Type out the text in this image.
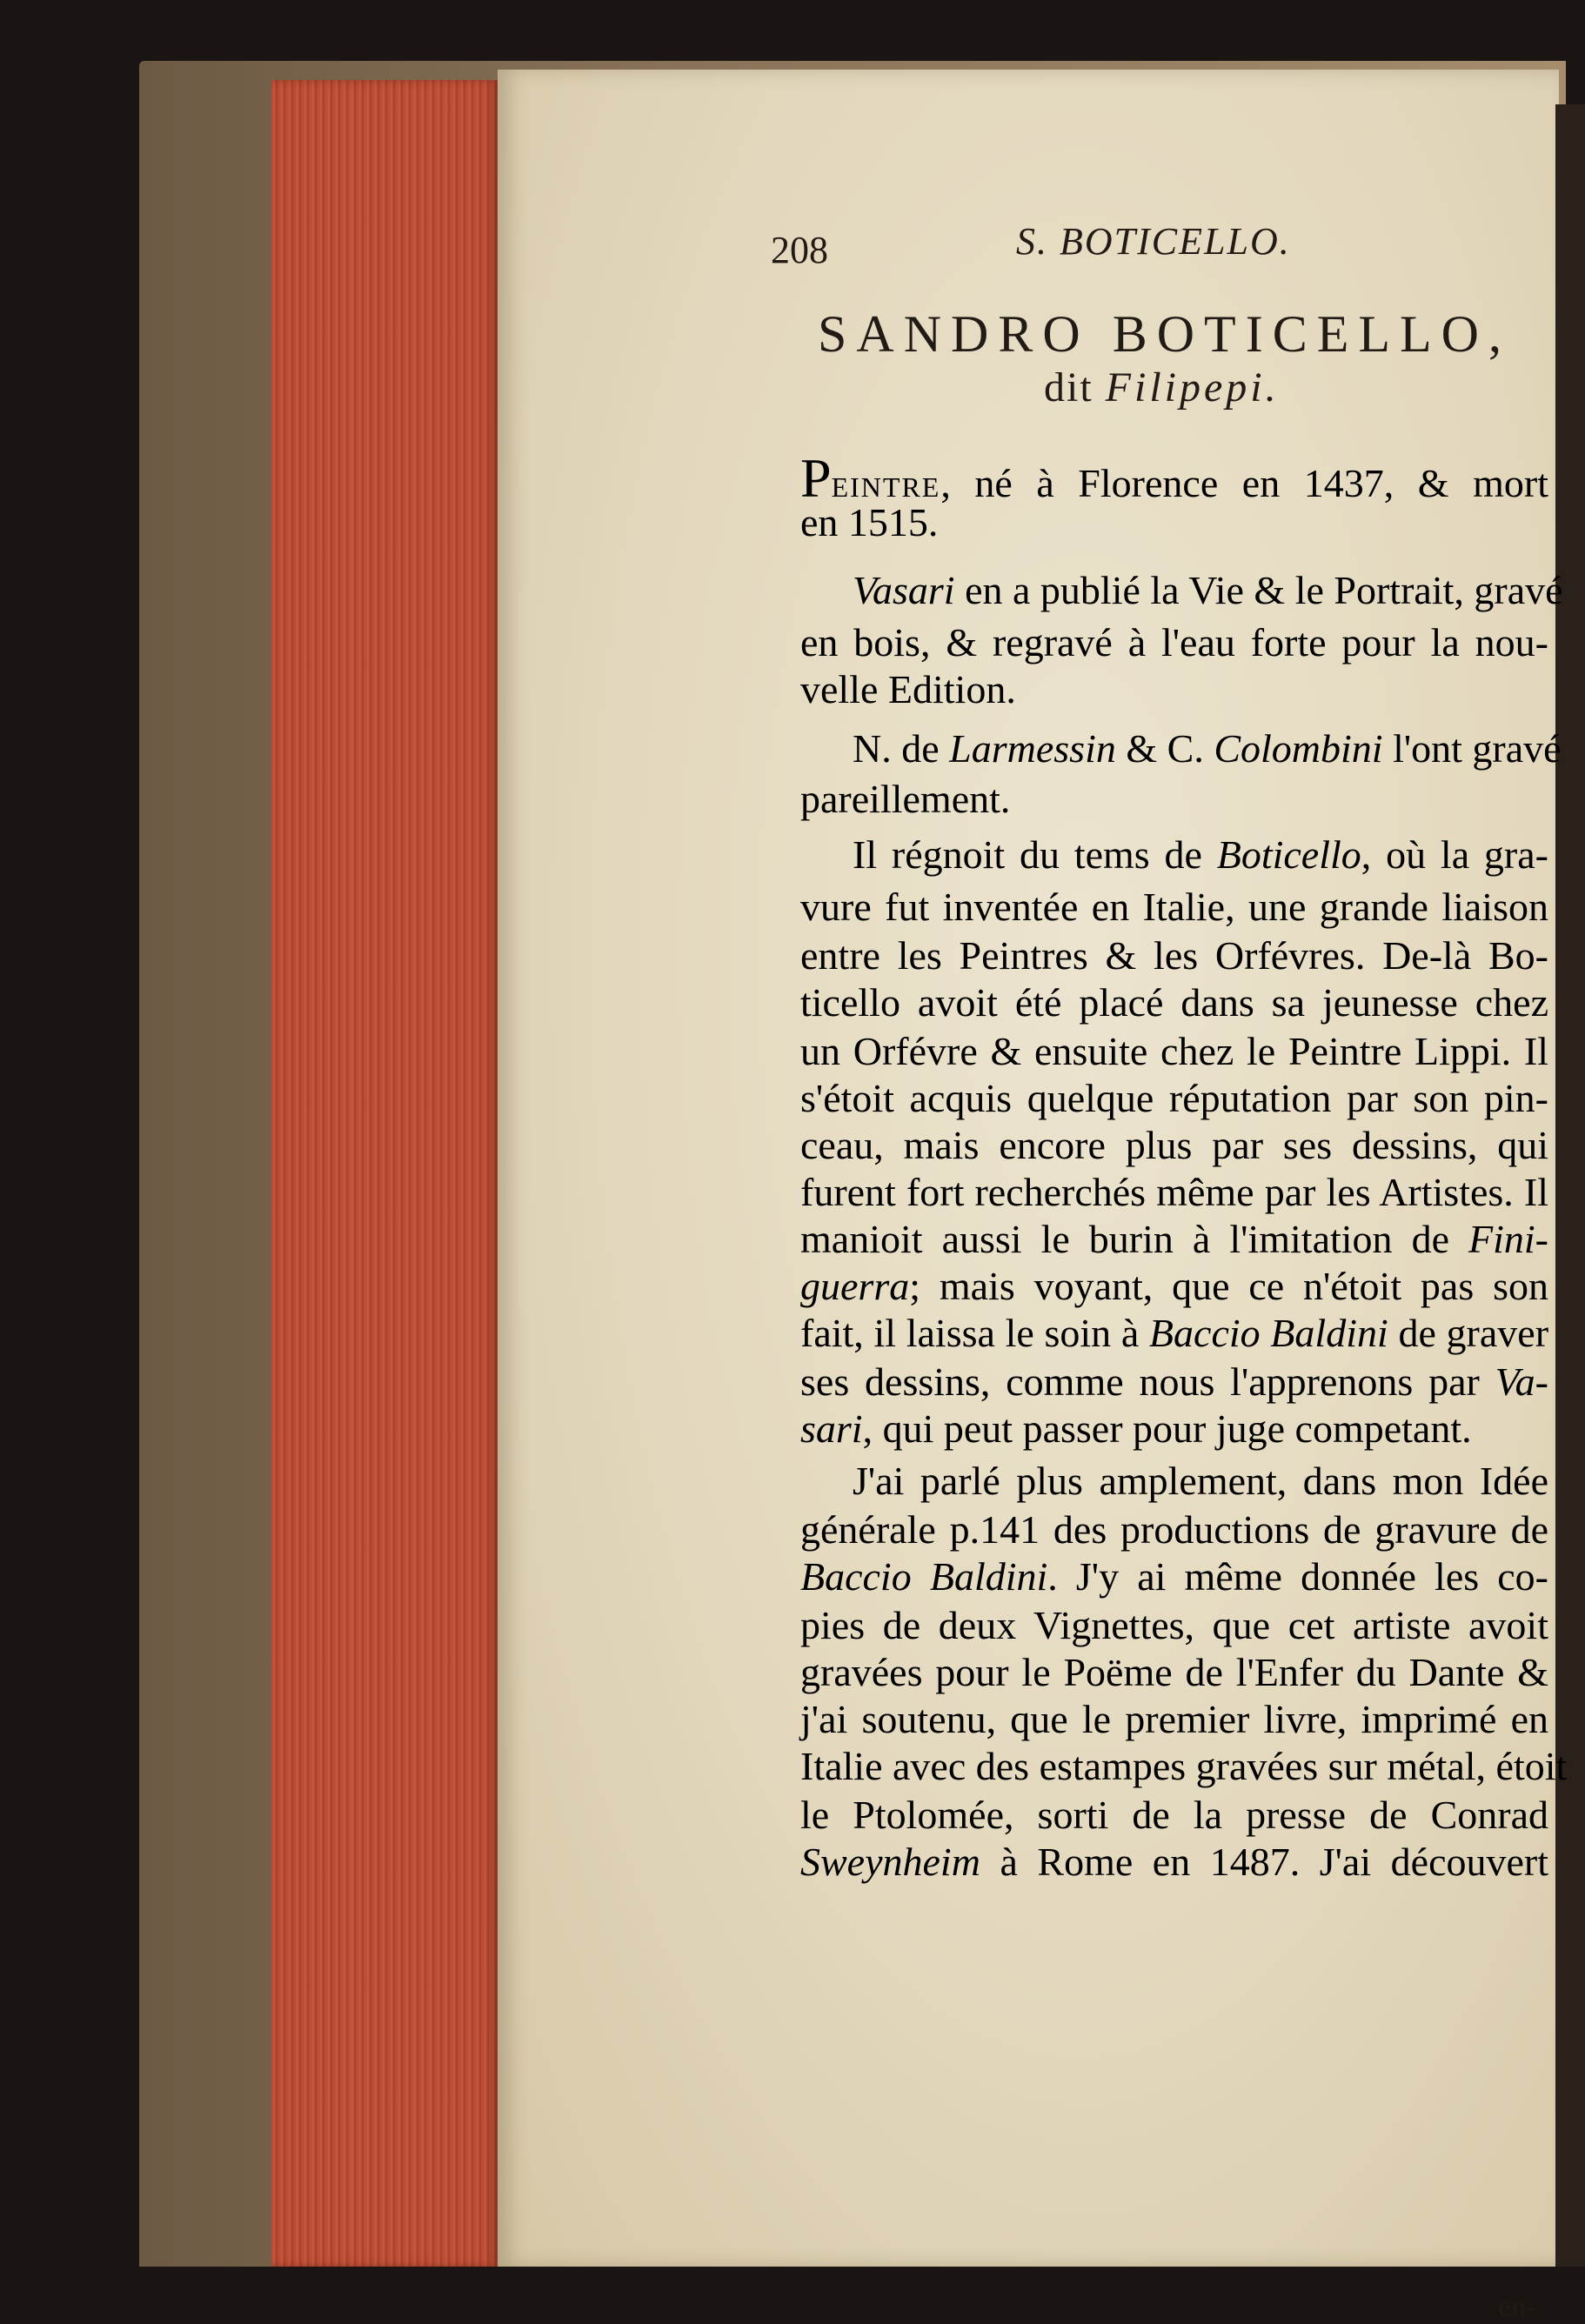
208	S. BOTICELLO.
SANDRO BOTICELLO,
dit Filipepi.
Peintre, né à Florence en 1437, & mort
en 1515.
Vasari en a publié la Vie & le Portrait, gravé
en bois, & regravé à l'eau forte pour la nou-
velle Edition.
N. de Larmessin & C. Colombini l'ont gravé
pareillement.
Il régnoit du tems de Boticello, où la gra-
vure fut inventée en Italie, une grande liaison
entre les Peintres & les Orfévres. De-là Bo-
ticello avoit été placé dans sa jeunesse chez
un Orfévre & ensuite chez le Peintre Lippi. Il
s'étoit acquis quelque réputation par son pin-
ceau, mais encore plus par ses dessins, qui
furent fort recherchés même par les Artistes. Il
manioit aussi le burin à l'imitation de Fini-
guerra; mais voyant, que ce n'étoit pas son
fait, il laissa le soin à Baccio Baldini de graver
ses dessins, comme nous l'apprenons par Va-
sari, qui peut passer pour juge competant.
J'ai parlé plus amplement, dans mon Idée
générale p.141 des productions de gravure de
Baccio Baldini. J'y ai même donnée les co-
pies de deux Vignettes, que cet artiste avoit
gravées pour le Poëme de l'Enfer du Dante &
j'ai soutenu, que le premier livre, imprimé en
Italie avec des estampes gravées sur métal, étoit
le Ptolomée, sorti de la presse de Conrad
Sweynheim à Rome en 1487. J'ai découvert
en-
